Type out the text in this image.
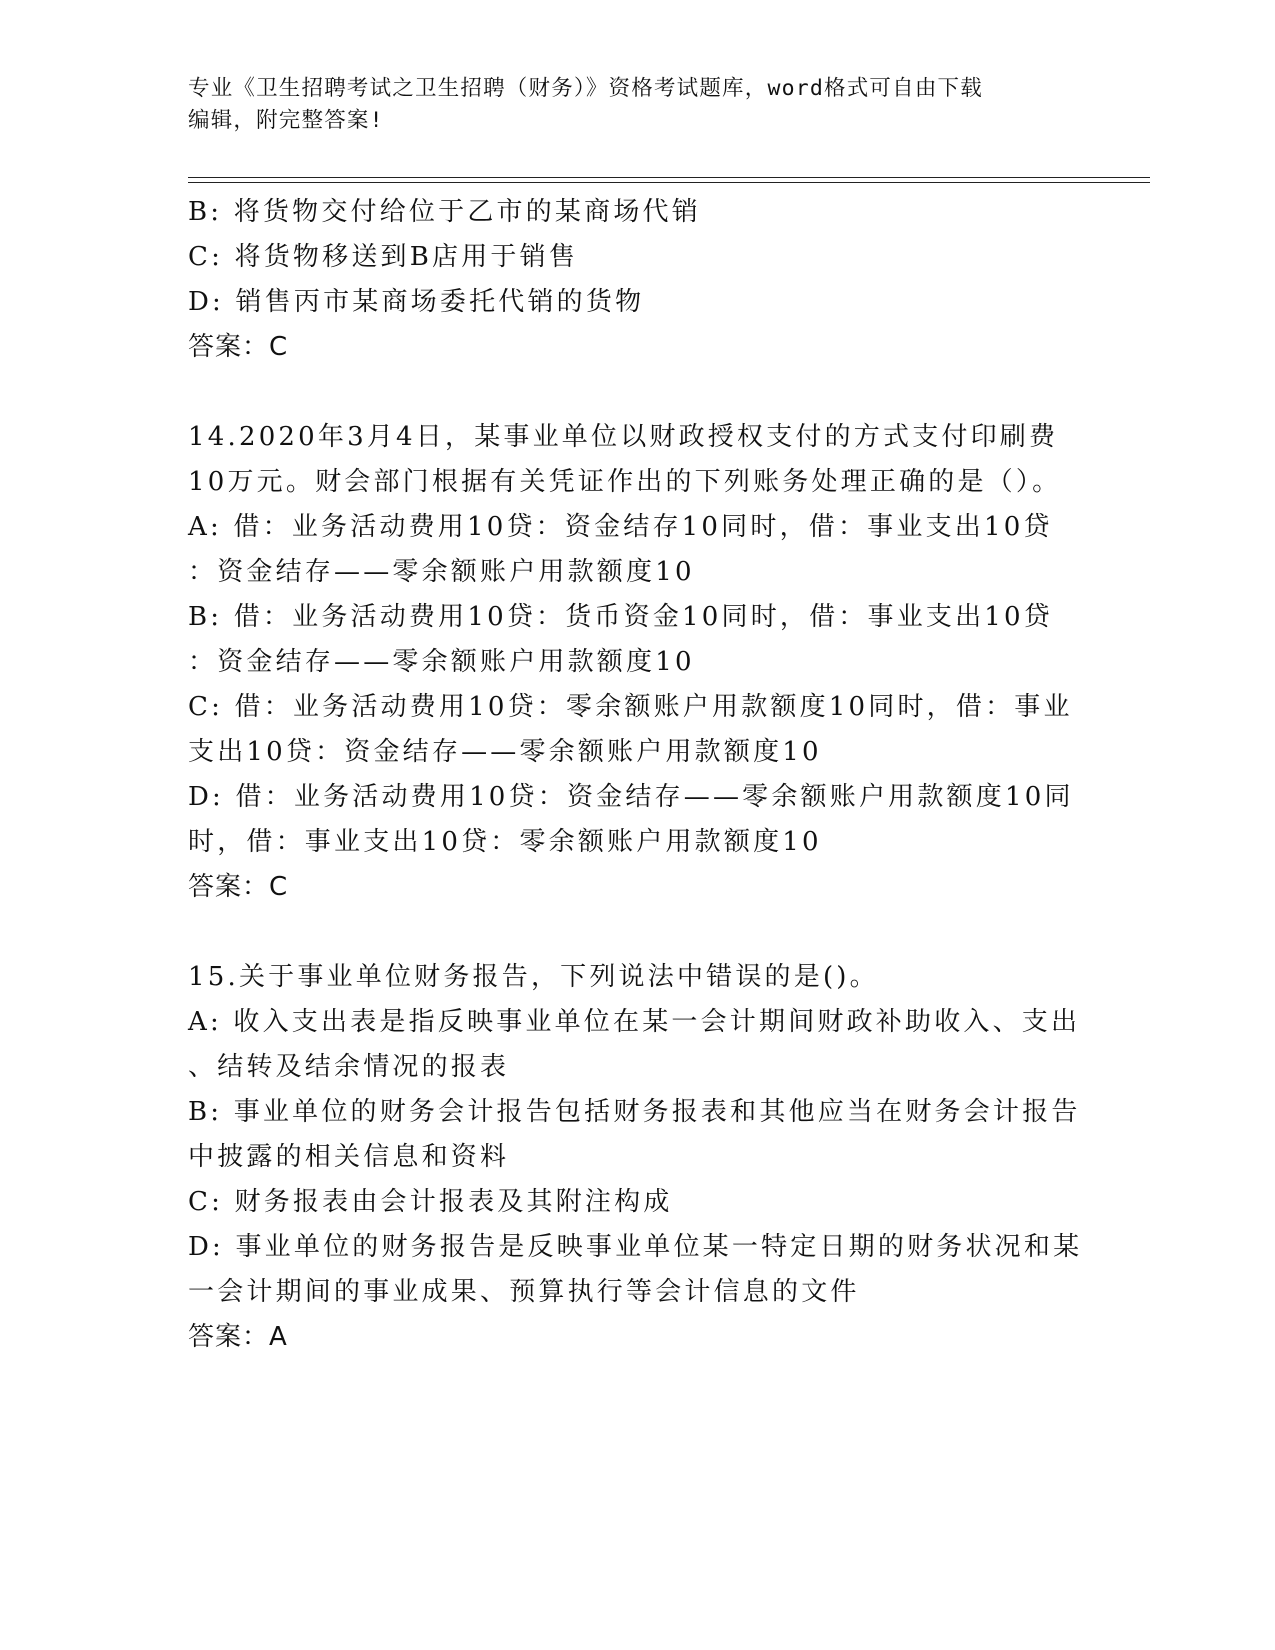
专业《卫生招聘考试之卫生招聘（财务）》资格考试题库，word格式可自由下载
编辑，附完整答案!
B: 将货物交付给位于乙市的某商场代销
C: 将货物移送到B店用于销售
D: 销售丙市某商场委托代销的货物
答案：C
14.2020年3月4日，某事业单位以财政授权支付的方式支付印刷费
10万元。财会部门根据有关凭证作出的下列账务处理正确的是（）。
A: 借：业务活动费用10贷：资金结存10同时，借：事业支出10贷
：资金结存——零余额账户用款额度10
B: 借：业务活动费用10贷：货币资金10同时，借：事业支出10贷
：资金结存——零余额账户用款额度10
C: 借：业务活动费用10贷：零余额账户用款额度10同时，借：事业
支出10贷：资金结存——零余额账户用款额度10
D: 借：业务活动费用10贷：资金结存——零余额账户用款额度10同
时，借：事业支出10贷：零余额账户用款额度10
答案：C
15.关于事业单位财务报告，下列说法中错误的是()。
A: 收入支出表是指反映事业单位在某一会计期间财政补助收入、支出
、结转及结余情况的报表
B: 事业单位的财务会计报告包括财务报表和其他应当在财务会计报告
中披露的相关信息和资料
C: 财务报表由会计报表及其附注构成
D: 事业单位的财务报告是反映事业单位某一特定日期的财务状况和某
一会计期间的事业成果、预算执行等会计信息的文件
答案：A
